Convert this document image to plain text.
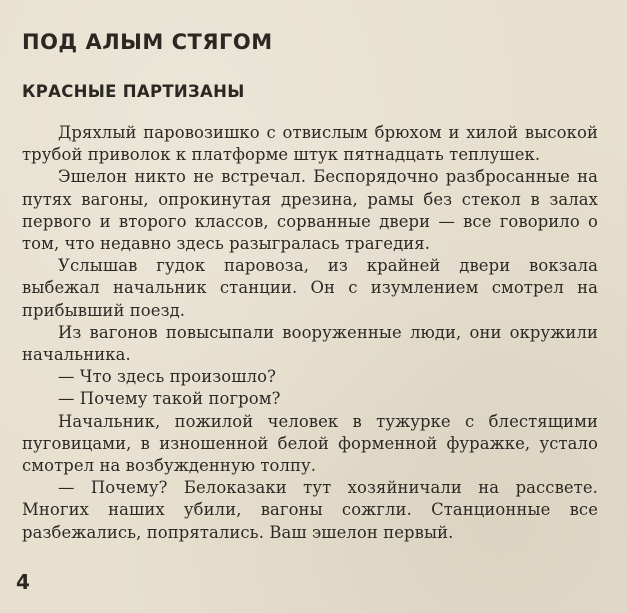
ПОД АЛЫМ СТЯГОМ
КРАСНЫЕ ПАРТИЗАНЫ

Дряхлый паровозишко с отвислым брюхом и хилой высокой трубой приволок к платформе штук пятнадцать теплушек.

Эшелон никто не встречал. Беспорядочно разбросанные на путях вагоны, опрокинутая дрезина, рамы без стекол в залах первого и второго классов, сорванные двери — все говорило о том, что недавно здесь разыгралась трагедия.

Услышав гудок паровоза, из крайней двери вокзала выбежал начальник станции. Он с изумлением смотрел на прибывший поезд.

Из вагонов повысыпали вооруженные люди, они окружили начальника.

— Что здесь произошло?

— Почему такой погром?

Начальник, пожилой человек в тужурке с блестящими пуговицами, в изношенной белой форменной фуражке, устало смотрел на возбужденную толпу.

— Почему? Белоказаки тут хозяйничали на рассвете. Многих наших убили, вагоны сожгли. Станционные все разбежались, попрятались. Ваш эшелон первый.

4
